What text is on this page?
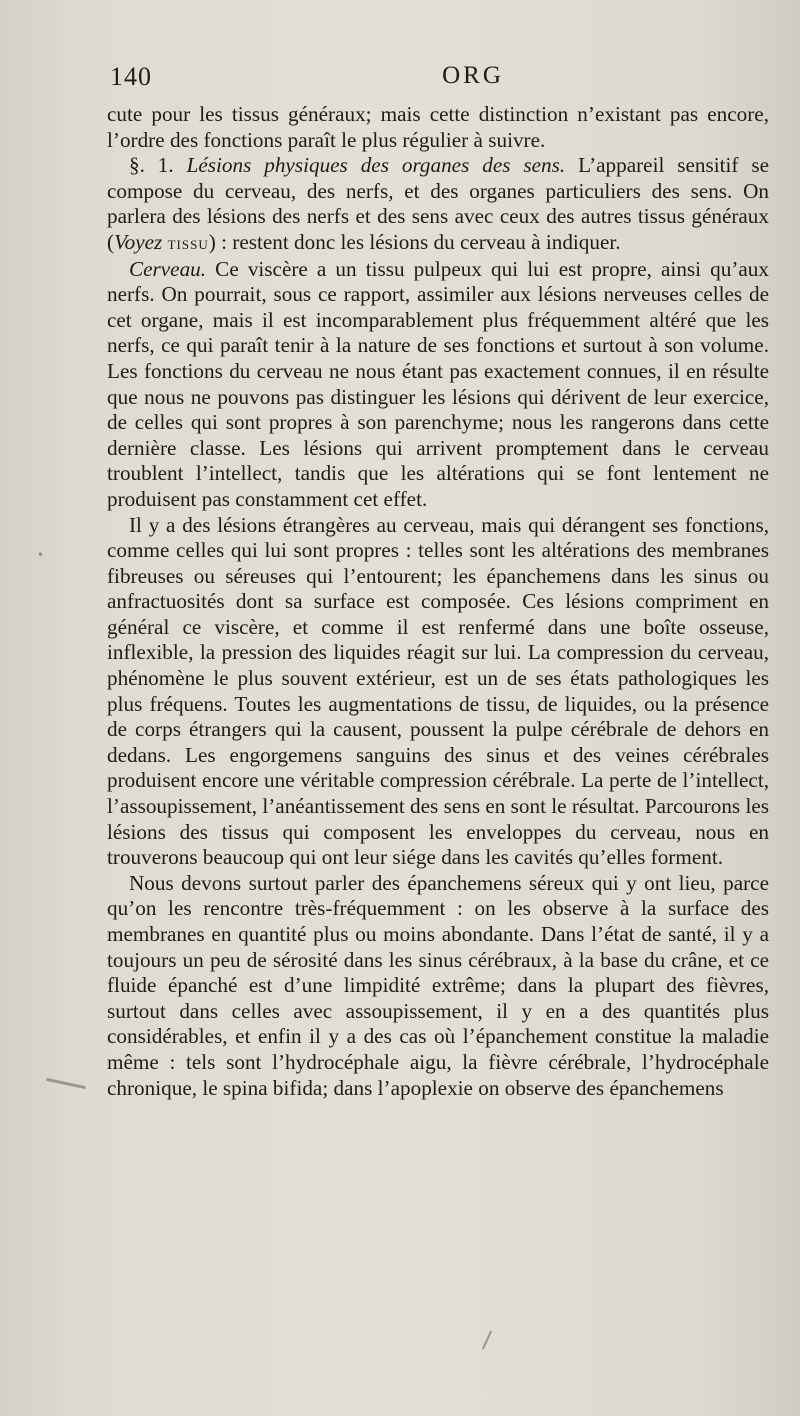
140	ORG

cute pour les tissus généraux; mais cette distinction n’existant pas encore, l’ordre des fonctions paraît le plus régulier à suivre.

§. 1. Lésions physiques des organes des sens. L’appareil sensitif se compose du cerveau, des nerfs, et des organes particuliers des sens. On parlera des lésions des nerfs et des sens avec ceux des autres tissus généraux (Voyez tissu) : restent donc les lésions du cerveau à indiquer.

Cerveau. Ce viscère a un tissu pulpeux qui lui est propre, ainsi qu’aux nerfs. On pourrait, sous ce rapport, assimiler aux lésions nerveuses celles de cet organe, mais il est incomparablement plus fréquemment altéré que les nerfs, ce qui paraît tenir à la nature de ses fonctions et surtout à son volume. Les fonctions du cerveau ne nous étant pas exactement connues, il en résulte que nous ne pouvons pas distinguer les lésions qui dérivent de leur exercice, de celles qui sont propres à son parenchyme; nous les rangerons dans cette dernière classe. Les lésions qui arrivent promptement dans le cerveau troublent l’intellect, tandis que les altérations qui se font lentement ne produisent pas constamment cet effet.

Il y a des lésions étrangères au cerveau, mais qui dérangent ses fonctions, comme celles qui lui sont propres : telles sont les altérations des membranes fibreuses ou séreuses qui l’entourent; les épanchemens dans les sinus ou anfractuosités dont sa surface est composée. Ces lésions compriment en général ce viscère, et comme il est renfermé dans une boîte osseuse, inflexible, la pression des liquides réagit sur lui. La compression du cerveau, phénomène le plus souvent extérieur, est un de ses états pathologiques les plus fréquens. Toutes les augmentations de tissu, de liquides, ou la présence de corps étrangers qui la causent, poussent la pulpe cérébrale de dehors en dedans. Les engorgemens sanguins des sinus et des veines cérébrales produisent encore une véritable compression cérébrale. La perte de l’intellect, l’assoupissement, l’anéantissement des sens en sont le résultat. Parcourons les lésions des tissus qui composent les enveloppes du cerveau, nous en trouverons beaucoup qui ont leur siége dans les cavités qu’elles forment.

Nous devons surtout parler des épanchemens séreux qui y ont lieu, parce qu’on les rencontre très-fréquemment : on les observe à la surface des membranes en quantité plus ou moins abondante. Dans l’état de santé, il y a toujours un peu de sérosité dans les sinus cérébraux, à la base du crâne, et ce fluide épanché est d’une limpidité extrême; dans la plupart des fièvres, surtout dans celles avec assoupissement, il y en a des quantités plus considérables, et enfin il y a des cas où l’épanchement constitue la maladie même : tels sont l’hydrocéphale aigu, la fièvre cérébrale, l’hydrocéphale chronique, le spina bifida; dans l’apoplexie on observe des épanchemens

•
